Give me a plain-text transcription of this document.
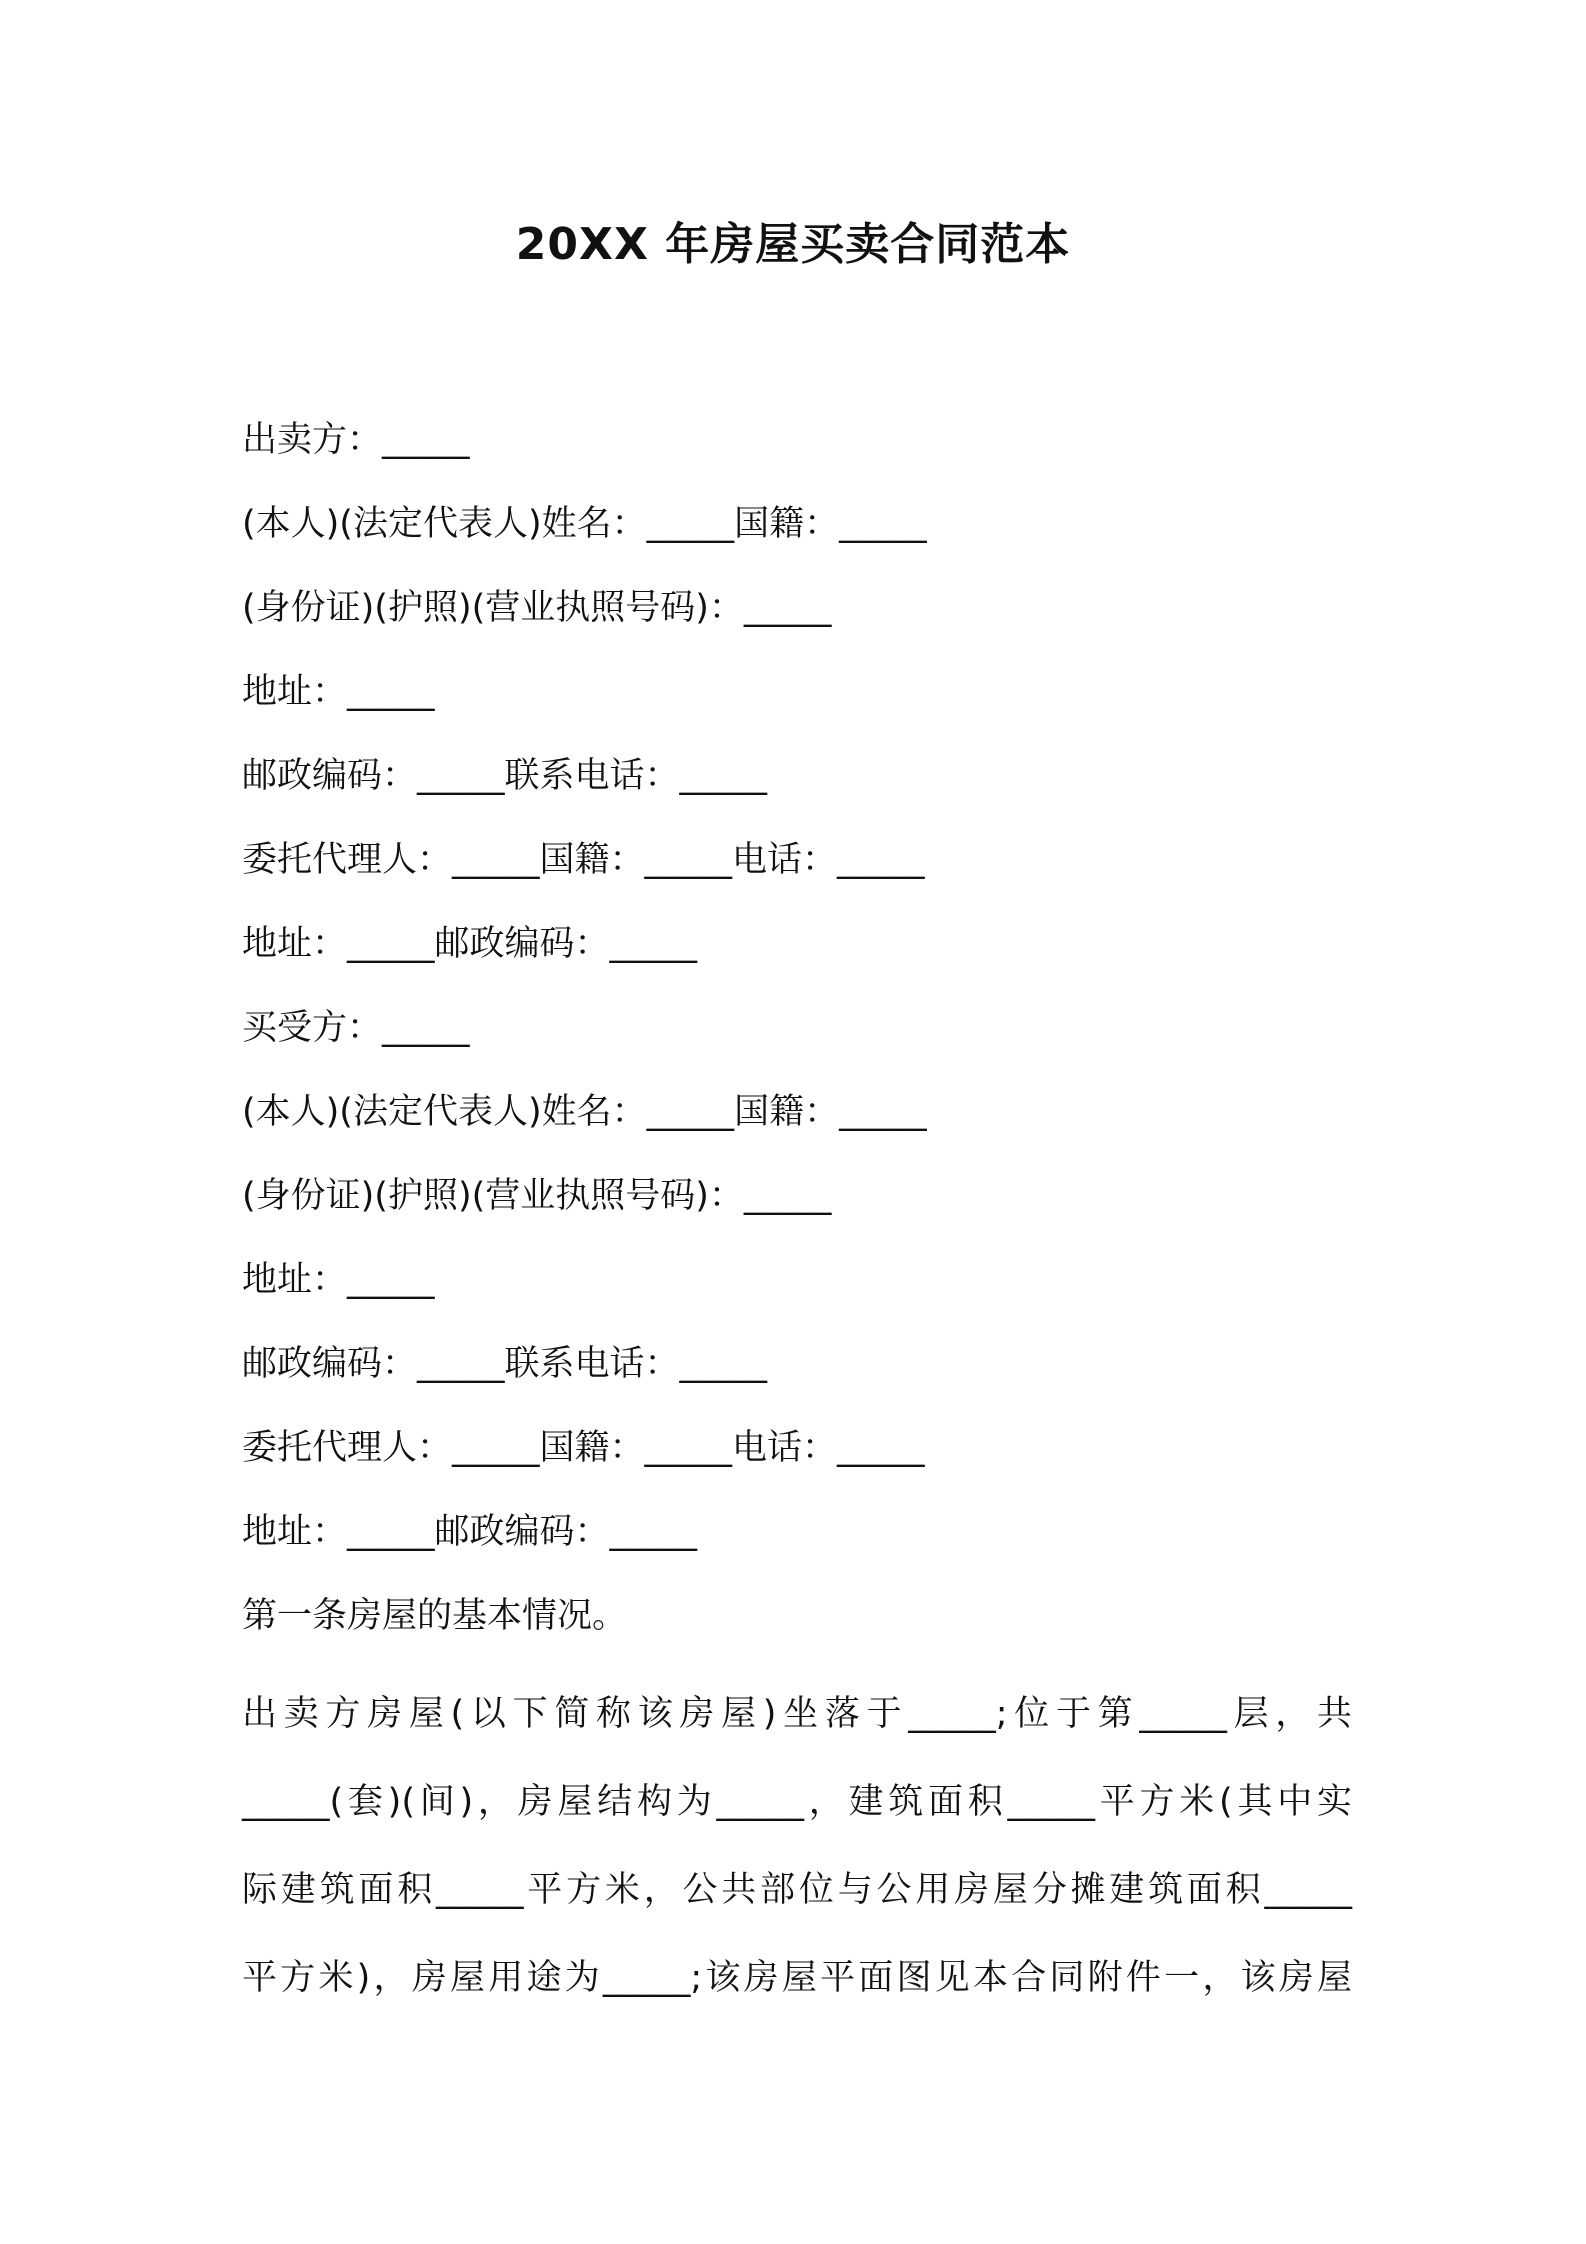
20XX 年房屋买卖合同范本
出卖方：_____
(本人)(法定代表人)姓名：_____国籍：_____
(身份证)(护照)(营业执照号码)：_____
地址：_____
邮政编码：_____联系电话：_____
委托代理人：_____国籍：_____电话：_____
地址：_____邮政编码：_____
买受方：_____
(本人)(法定代表人)姓名：_____国籍：_____
(身份证)(护照)(营业执照号码)：_____
地址：_____
邮政编码：_____联系电话：_____
委托代理人：_____国籍：_____电话：_____
地址：_____邮政编码：_____
第一条房屋的基本情况。
出卖方房屋(以下简称该房屋)坐落于_____;位于第_____层，共
_____(套)(间)，房屋结构为_____，建筑面积_____平方米(其中实
际建筑面积_____平方米，公共部位与公用房屋分摊建筑面积_____
平方米)，房屋用途为_____;该房屋平面图见本合同附件一，该房屋
